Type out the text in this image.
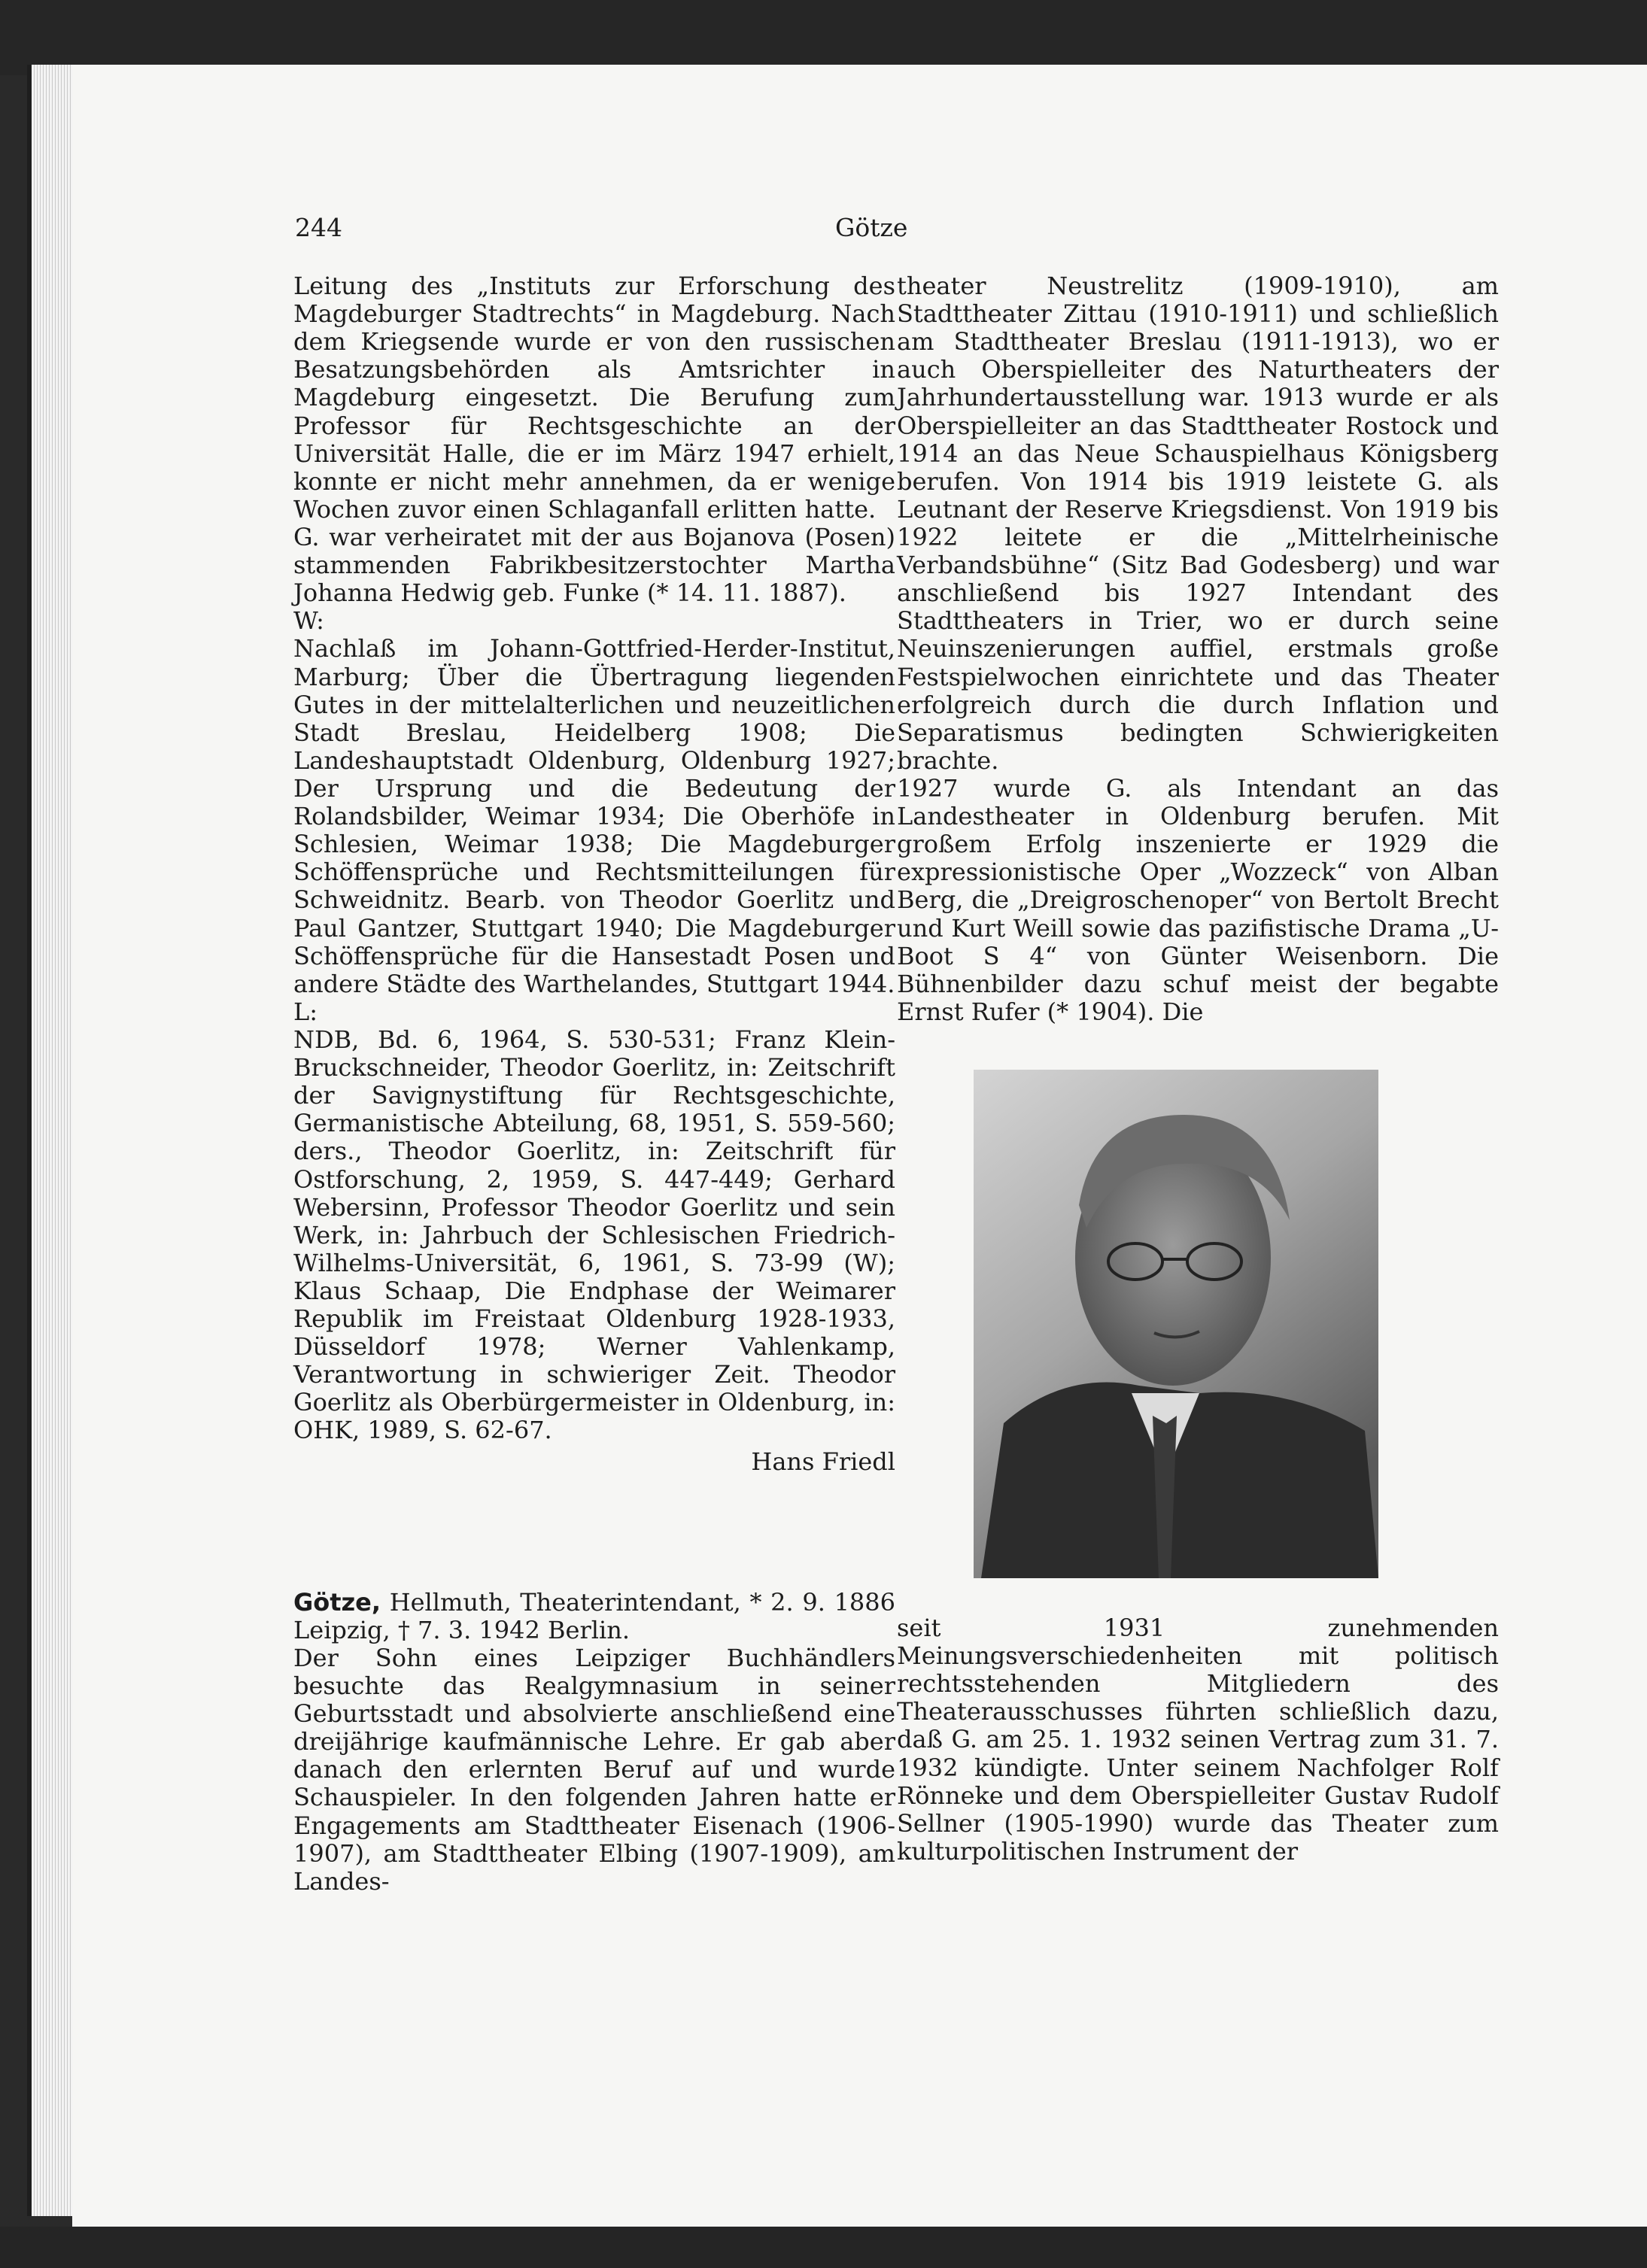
244	Götze

Leitung des „Instituts zur Erforschung des Magdeburger Stadtrechts“ in Magdeburg. Nach dem Kriegsende wurde er von den russischen Besatzungsbehörden als Amtsrichter in Magdeburg eingesetzt. Die Berufung zum Professor für Rechtsgeschichte an der Universität Halle, die er im März 1947 erhielt, konnte er nicht mehr annehmen, da er wenige Wochen zuvor einen Schlaganfall erlitten hatte.

G. war verheiratet mit der aus Bojanova (Posen) stammenden Fabrikbesitzerstochter Martha Johanna Hedwig geb. Funke (* 14. 11. 1887).

W:

Nachlaß im Johann-Gottfried-Herder-Institut, Marburg; Über die Übertragung liegenden Gutes in der mittelalterlichen und neuzeitlichen Stadt Breslau, Heidelberg 1908; Die Landeshauptstadt Oldenburg, Oldenburg 1927; Der Ursprung und die Bedeutung der Rolandsbilder, Weimar 1934; Die Oberhöfe in Schlesien, Weimar 1938; Die Magdeburger Schöffensprüche und Rechtsmitteilungen für Schweidnitz. Bearb. von Theodor Goerlitz und Paul Gantzer, Stuttgart 1940; Die Magdeburger Schöffensprüche für die Hansestadt Posen und andere Städte des Warthelandes, Stuttgart 1944.

L:

NDB, Bd. 6, 1964, S. 530-531; Franz Klein-Bruckschneider, Theodor Goerlitz, in: Zeitschrift der Savignystiftung für Rechtsgeschichte, Germanistische Abteilung, 68, 1951, S. 559-560; ders., Theodor Goerlitz, in: Zeitschrift für Ostforschung, 2, 1959, S. 447-449; Gerhard Webersinn, Professor Theodor Goerlitz und sein Werk, in: Jahrbuch der Schlesischen Friedrich-Wilhelms-Universität, 6, 1961, S. 73-99 (W); Klaus Schaap, Die Endphase der Weimarer Republik im Freistaat Oldenburg 1928-1933, Düsseldorf 1978; Werner Vahlenkamp, Verantwortung in schwieriger Zeit. Theodor Goerlitz als Oberbürgermeister in Oldenburg, in: OHK, 1989, S. 62-67.

Hans Friedl

Götze, Hellmuth, Theaterintendant, * 2. 9. 1886 Leipzig, † 7. 3. 1942 Berlin.

Der Sohn eines Leipziger Buchhändlers besuchte das Realgymnasium in seiner Geburtsstadt und absolvierte anschließend eine dreijährige kaufmännische Lehre. Er gab aber danach den erlernten Beruf auf und wurde Schauspieler. In den folgenden Jahren hatte er Engagements am Stadttheater Eisenach (1906-1907), am Stadttheater Elbing (1907-1909), am Landes-

theater Neustrelitz (1909-1910), am Stadttheater Zittau (1910-1911) und schließlich am Stadttheater Breslau (1911-1913), wo er auch Oberspielleiter des Naturtheaters der Jahrhundertausstellung war. 1913 wurde er als Oberspielleiter an das Stadttheater Rostock und 1914 an das Neue Schauspielhaus Königsberg berufen. Von 1914 bis 1919 leistete G. als Leutnant der Reserve Kriegsdienst. Von 1919 bis 1922 leitete er die „Mittelrheinische Verbandsbühne“ (Sitz Bad Godesberg) und war anschließend bis 1927 Intendant des Stadttheaters in Trier, wo er durch seine Neuinszenierungen auffiel, erstmals große Festspielwochen einrichtete und das Theater erfolgreich durch die durch Inflation und Separatismus bedingten Schwierigkeiten brachte.

1927 wurde G. als Intendant an das Landestheater in Oldenburg berufen. Mit großem Erfolg inszenierte er 1929 die expressionistische Oper „Wozzeck“ von Alban Berg, die „Dreigroschenoper“ von Bertolt Brecht und Kurt Weill sowie das pazifistische Drama „U-Boot S 4“ von Günter Weisenborn. Die Bühnenbilder dazu schuf meist der begabte Ernst Rufer (* 1904). Die

seit 1931 zunehmenden Meinungsverschiedenheiten mit politisch rechtsstehenden Mitgliedern des Theaterausschusses führten schließlich dazu, daß G. am 25. 1. 1932 seinen Vertrag zum 31. 7. 1932 kündigte. Unter seinem Nachfolger Rolf Rönneke und dem Oberspielleiter Gustav Rudolf Sellner (1905-1990) wurde das Theater zum kulturpolitischen Instrument der
